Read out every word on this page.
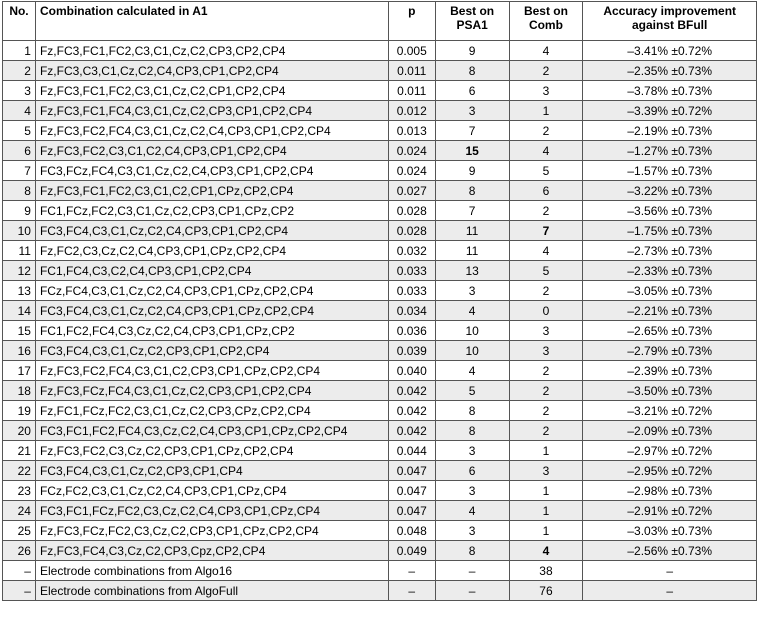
No.	Combination calculated in A1	p	Best on PSA1	Best on Comb	Accuracy improvement against BFull
1	Fz,FC3,FC1,FC2,C3,C1,Cz,C2,CP3,CP2,CP4	0.005	9	4	–3.41% ±0.72%
2	Fz,FC3,C3,C1,Cz,C2,C4,CP3,CP1,CP2,CP4	0.011	8	2	–2.35% ±0.73%
3	Fz,FC3,FC1,FC2,C3,C1,Cz,C2,CP1,CP2,CP4	0.011	6	3	–3.78% ±0.73%
4	Fz,FC3,FC1,FC4,C3,C1,Cz,C2,CP3,CP1,CP2,CP4	0.012	3	1	–3.39% ±0.72%
5	Fz,FC3,FC2,FC4,C3,C1,Cz,C2,C4,CP3,CP1,CP2,CP4	0.013	7	2	–2.19% ±0.73%
6	Fz,FC3,FC2,C3,C1,C2,C4,CP3,CP1,CP2,CP4	0.024	15	4	–1.27% ±0.73%
7	FC3,FCz,FC4,C3,C1,Cz,C2,C4,CP3,CP1,CP2,CP4	0.024	9	5	–1.57% ±0.73%
8	Fz,FC3,FC1,FC2,C3,C1,C2,CP1,CPz,CP2,CP4	0.027	8	6	–3.22% ±0.73%
9	FC1,FCz,FC2,C3,C1,Cz,C2,CP3,CP1,CPz,CP2	0.028	7	2	–3.56% ±0.73%
10	FC3,FC4,C3,C1,Cz,C2,C4,CP3,CP1,CP2,CP4	0.028	11	7	–1.75% ±0.73%
11	Fz,FC2,C3,Cz,C2,C4,CP3,CP1,CPz,CP2,CP4	0.032	11	4	–2.73% ±0.73%
12	FC1,FC4,C3,C2,C4,CP3,CP1,CP2,CP4	0.033	13	5	–2.33% ±0.73%
13	FCz,FC4,C3,C1,Cz,C2,C4,CP3,CP1,CPz,CP2,CP4	0.033	3	2	–3.05% ±0.73%
14	FC3,FC4,C3,C1,Cz,C2,C4,CP3,CP1,CPz,CP2,CP4	0.034	4	0	–2.21% ±0.73%
15	FC1,FC2,FC4,C3,Cz,C2,C4,CP3,CP1,CPz,CP2	0.036	10	3	–2.65% ±0.73%
16	FC3,FC4,C3,C1,Cz,C2,CP3,CP1,CP2,CP4	0.039	10	3	–2.79% ±0.73%
17	Fz,FC3,FC2,FC4,C3,C1,C2,CP3,CP1,CPz,CP2,CP4	0.040	4	2	–2.39% ±0.73%
18	Fz,FC3,FCz,FC4,C3,C1,Cz,C2,CP3,CP1,CP2,CP4	0.042	5	2	–3.50% ±0.73%
19	Fz,FC1,FCz,FC2,C3,C1,Cz,C2,CP3,CPz,CP2,CP4	0.042	8	2	–3.21% ±0.72%
20	FC3,FC1,FC2,FC4,C3,Cz,C2,C4,CP3,CP1,CPz,CP2,CP4	0.042	8	2	–2.09% ±0.73%
21	Fz,FC3,FC2,C3,Cz,C2,CP3,CP1,CPz,CP2,CP4	0.044	3	1	–2.97% ±0.72%
22	FC3,FC4,C3,C1,Cz,C2,CP3,CP1,CP4	0.047	6	3	–2.95% ±0.72%
23	FCz,FC2,C3,C1,Cz,C2,C4,CP3,CP1,CPz,CP4	0.047	3	1	–2.98% ±0.73%
24	FC3,FC1,FCz,FC2,C3,Cz,C2,C4,CP3,CP1,CPz,CP4	0.047	4	1	–2.91% ±0.72%
25	Fz,FC3,FCz,FC2,C3,Cz,C2,CP3,CP1,CPz,CP2,CP4	0.048	3	1	–3.03% ±0.73%
26	Fz,FC3,FC4,C3,Cz,C2,CP3,Cpz,CP2,CP4	0.049	8	4	–2.56% ±0.73%
–	Electrode combinations from Algo16	–	–	38	–
–	Electrode combinations from AlgoFull	–	–	76	–
